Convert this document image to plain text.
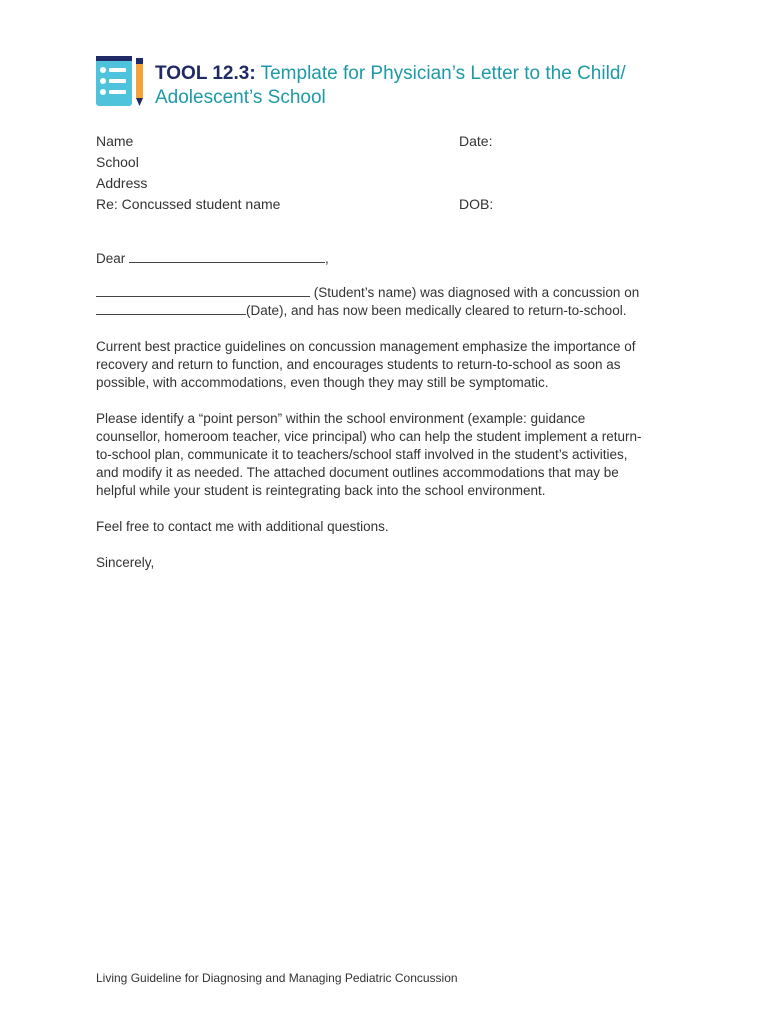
TOOL 12.3: Template for Physician’s Letter to the Child/
Adolescent’s School
Name	Date:
School
Address
Re: Concussed student name	DOB:

Dear	,

(Student’s name) was diagnosed with a concussion on
(Date), and has now been medically cleared to return-to-school.

Current best practice guidelines on concussion management emphasize the importance of recovery and return to function, and encourages students to return-to-school as soon as possible, with accommodations, even though they may still be symptomatic.

Please identify a “point person” within the school environment (example: guidance counsellor, homeroom teacher, vice principal) who can help the student implement a return-to-school plan, communicate it to teachers/school staff involved in the student’s activities, and modify it as needed. The attached document outlines accommodations that may be helpful while your student is reintegrating back into the school environment.

Feel free to contact me with additional questions.

Sincerely,

Living Guideline for Diagnosing and Managing Pediatric Concussion
